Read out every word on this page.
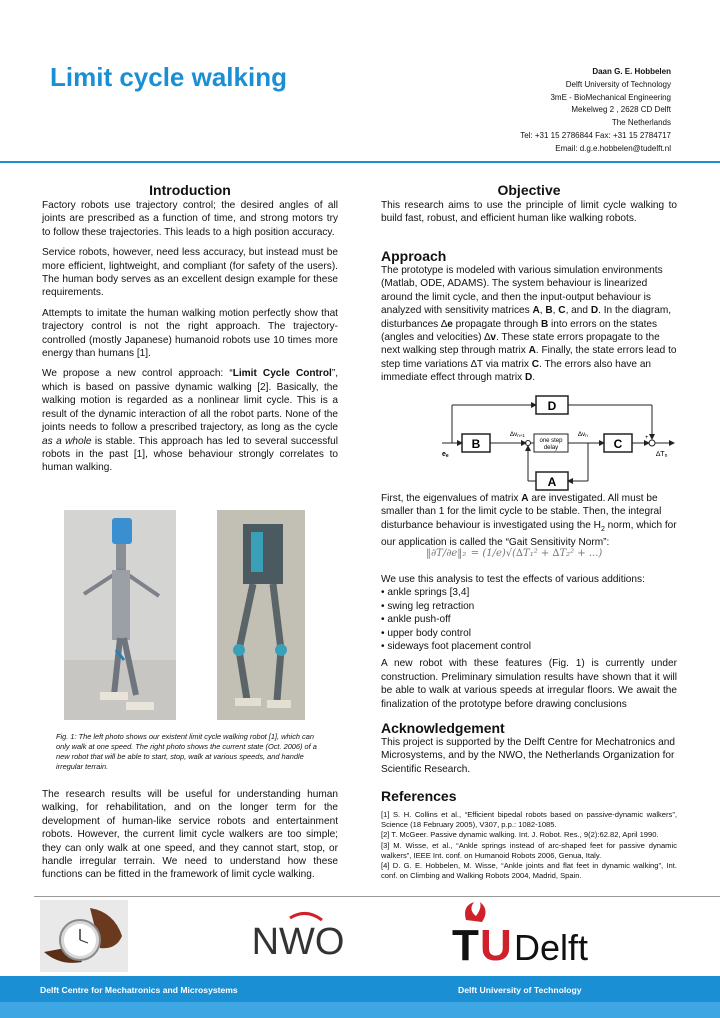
Limit cycle walking	Daan G. E. Hobbelen
Delft University of Technology
3mE - BioMechanical Engineering
Mekelweg 2 , 2628 CD Delft
The Netherlands
Tel: +31 15 2786844 Fax: +31 15 2784717
Email: d.g.e.hobbelen@tudelft.nl
Introduction

Factory robots use trajectory control; the desired angles of all joints are prescribed as a function of time, and strong motors try to follow these trajectories. This leads to a high position accuracy.

Service robots, however, need less accuracy, but instead must be more efficient, lightweight, and compliant (for safety of the users). The human body serves as an excellent design example for these requirements.

Attempts to imitate the human walking motion perfectly show that trajectory control is not the right approach. The trajectory-controlled (mostly Japanese) humanoid robots use 10 times more energy than humans [1].

We propose a new control approach: “Limit Cycle Control”, which is based on passive dynamic walking [2]. Basically, the walking motion is regarded as a nonlinear limit cycle. This is a result of the dynamic interaction of all the robot parts. None of the joints needs to follow a prescribed trajectory, as long as the cycle as a whole is stable. This approach has led to several successful robots in the past [1], whose behaviour strongly correlates to human walking.

Fig. 1: The left photo shows our existent limit cycle walking robot [1], which can only walk at one speed. The right photo shows the current state (Oct. 2006) of a new robot that will be able to start, stop, walk at various speeds, and handle irregular terrain.

The research results will be useful for understanding human walking, for rehabilitation, and on the longer term for the development of human-like service robots and entertainment robots. However, the current limit cycle walkers are too simple; they can only walk at one speed, and they cannot start, stop, or handle irregular terrain. We need to understand how these functions can be fitted in the framework of limit cycle walking.

Objective

This research aims to use the principle of limit cycle walking to build fast, robust, and efficient human like walking robots.

Approach

The prototype is modeled with various simulation environments (Matlab, ODE, ADAMS). The system behaviour is linearized around the limit cycle, and then the input-output behaviour is analyzed with sensitivity matrices A, B, C, and D. In the diagram, disturbances ∆e propagate through B into errors on the states (angles and velocities) ∆v. These state errors propagate to the next walking step through matrix A. Finally, the state errors lead to step time variations ∆T via matrix C. The errors also have an immediate effect through matrix D.

D
B	one step
delay	C
A
ee
∆vn+1	∆vn
∆Tn
+

First, the eigenvalues of matrix A are investigated. All must be smaller than 1 for the limit cycle to be stable. Then, the integral disturbance behaviour is investigated using the $H_2$ norm, which for our application is called the “Gait Sensitivity Norm”:

‖∂T/∂e‖₂ = (1/e)√(∆T₁² + ∆T₂² + ...)

We use this analysis to test the effects of various additions:

• ankle springs [3,4]
• swing leg retraction
• ankle push-off
• upper body control
• sideways foot placement control

A new robot with these features (Fig. 1) is currently under construction. Preliminary simulation results have shown that it will be able to walk at various speeds at irregular floors. We await the finalization of the prototype before drawing conclusions

Acknowledgement

This project is supported by the Delft Centre for Mechatronics and Microsystems, and by the NWO, the Netherlands Organization for Scientific Research.

References
[1] S. H. Collins et al., “Efficient bipedal robots based on passive-dynamic walkers”, Science (18 February 2005), V307, p.p.: 1082-1085.
[2] T. McGeer. Passive dynamic walking. Int. J. Robot. Res., 9(2):62.82, April 1990.
[3] M. Wisse, et al., “Ankle springs instead of arc-shaped feet for passive dynamic walkers”, IEEE Int. conf. on Humanoid Robots 2006, Genua, Italy.
[4] D. G. E. Hobbelen, M. Wisse, “Ankle joints and flat feet in dynamic walking”, Int. conf. on Climbing and Walking Robots 2004, Madrid, Spain.
NWO T U Delft
Delft Centre for Mechatronics and Microsystems	Delft University of Technology
